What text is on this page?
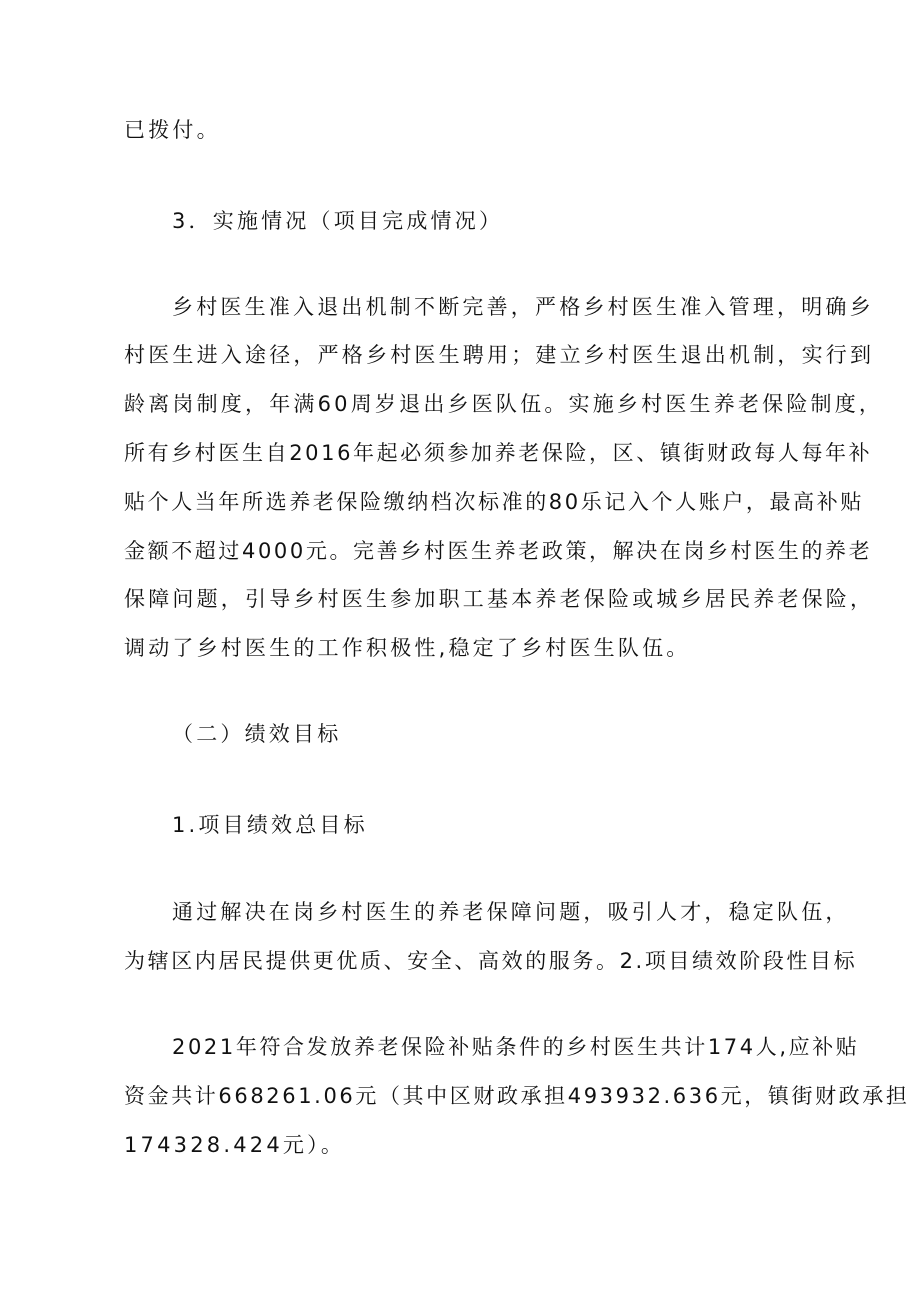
已拨付。
3．实施情况（项目完成情况）
乡村医生准入退出机制不断完善，严格乡村医生准入管理，明确乡
村医生进入途径，严格乡村医生聘用；建立乡村医生退出机制，实行到
龄离岗制度，年满60周岁退出乡医队伍。实施乡村医生养老保险制度，
所有乡村医生自2016年起必须参加养老保险，区、镇街财政每人每年补
贴个人当年所选养老保险缴纳档次标准的80乐记入个人账户，最高补贴
金额不超过4000元。完善乡村医生养老政策，解决在岗乡村医生的养老
保障问题，引导乡村医生参加职工基本养老保险或城乡居民养老保险，
调动了乡村医生的工作积极性,稳定了乡村医生队伍。
（二）绩效目标
1.项目绩效总目标
通过解决在岗乡村医生的养老保障问题，吸引人才，稳定队伍，
为辖区内居民提供更优质、安全、高效的服务。2.项目绩效阶段性目标
2021年符合发放养老保险补贴条件的乡村医生共计174人,应补贴
资金共计668261.06元（其中区财政承担493932.636元，镇街财政承担
174328.424元）。
